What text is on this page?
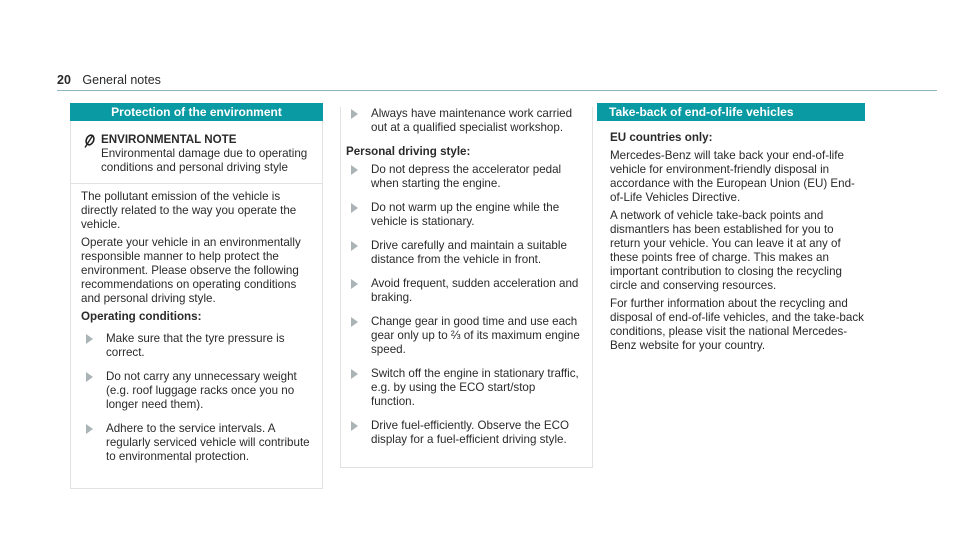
20 General notes
Protection of the environment
ENVIRONMENTAL NOTE Environmental damage due to operating conditions and personal driving style

The pollutant emission of the vehicle is directly related to the way you operate the vehicle.

Operate your vehicle in an environmentally responsible manner to help protect the environment. Please observe the following recommendations on operating conditions and personal driving style.

Operating conditions:

Make sure that the tyre pressure is correct.
Do not carry any unnecessary weight (e.g. roof luggage racks once you no longer need them).
Adhere to the service intervals. A regularly serviced vehicle will contribute to environmental protection.
Always have maintenance work carried out at a qualified specialist workshop.

Personal driving style:

Do not depress the accelerator pedal when starting the engine.
Do not warm up the engine while the vehicle is stationary.
Drive carefully and maintain a suitable distance from the vehicle in front.
Avoid frequent, sudden acceleration and braking.
Change gear in good time and use each gear only up to ⅔ of its maximum engine speed.
Switch off the engine in stationary traffic, e.g. by using the ECO start/stop function.
Drive fuel-efficiently. Observe the ECO display for a fuel-efficient driving style.
Take-back of end-of-life vehicles

EU countries only:

Mercedes-Benz will take back your end-of-life vehicle for environment-friendly disposal in accordance with the European Union (EU) End-of-Life Vehicles Directive.

A network of vehicle take-back points and dismantlers has been established for you to return your vehicle. You can leave it at any of these points free of charge. This makes an important contribution to closing the recycling circle and conserving resources.

For further information about the recycling and disposal of end-of-life vehicles, and the take-back conditions, please visit the national Mercedes-Benz website for your country.
